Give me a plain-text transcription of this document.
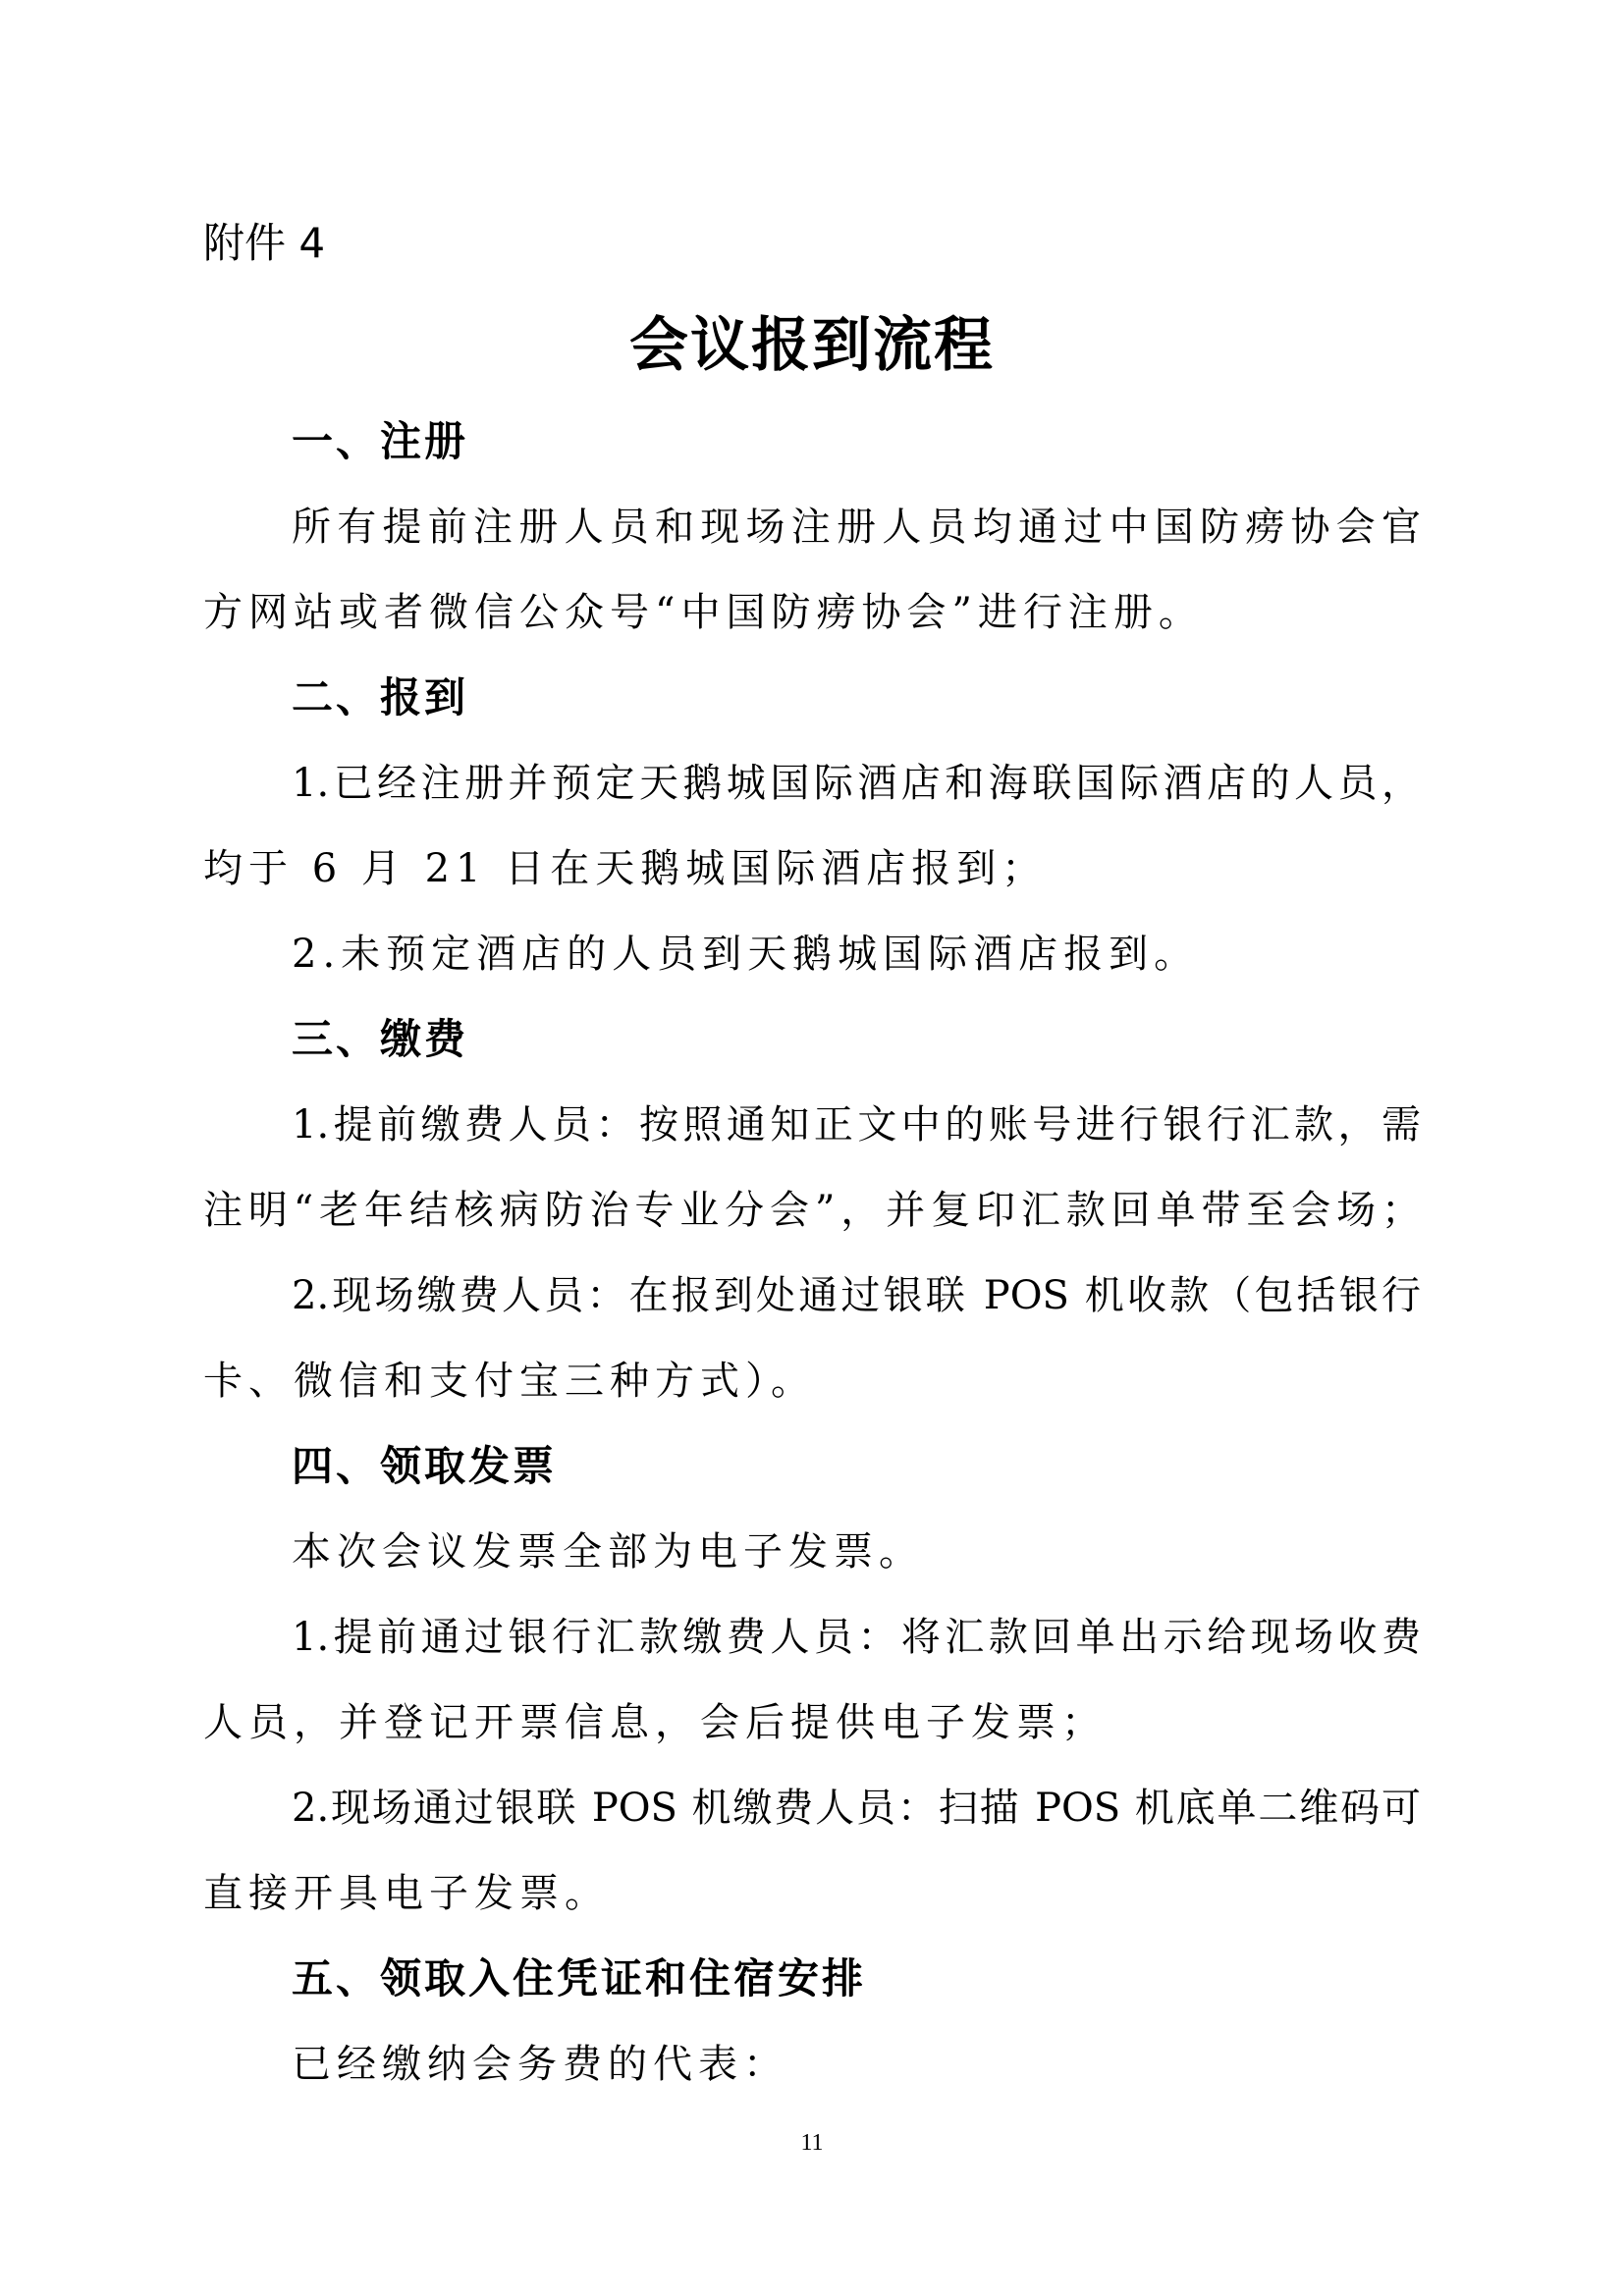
附件 4
会议报到流程
一、注册
所有提前注册人员和现场注册人员均通过中国防痨协会官
方网站或者微信公众号“中国防痨协会”进行注册。
二、报到
1.已经注册并预定天鹅城国际酒店和海联国际酒店的人员，
均于 6 月 21 日在天鹅城国际酒店报到；
2.未预定酒店的人员到天鹅城国际酒店报到。
三、缴费
1.提前缴费人员：按照通知正文中的账号进行银行汇款，需
注明“老年结核病防治专业分会”，并复印汇款回单带至会场；
2.现场缴费人员：在报到处通过银联 POS 机收款（包括银行
卡、微信和支付宝三种方式）。
四、领取发票
本次会议发票全部为电子发票。
1.提前通过银行汇款缴费人员：将汇款回单出示给现场收费
人员，并登记开票信息，会后提供电子发票；
2.现场通过银联 POS 机缴费人员：扫描 POS 机底单二维码可
直接开具电子发票。
五、领取入住凭证和住宿安排
已经缴纳会务费的代表：
11
